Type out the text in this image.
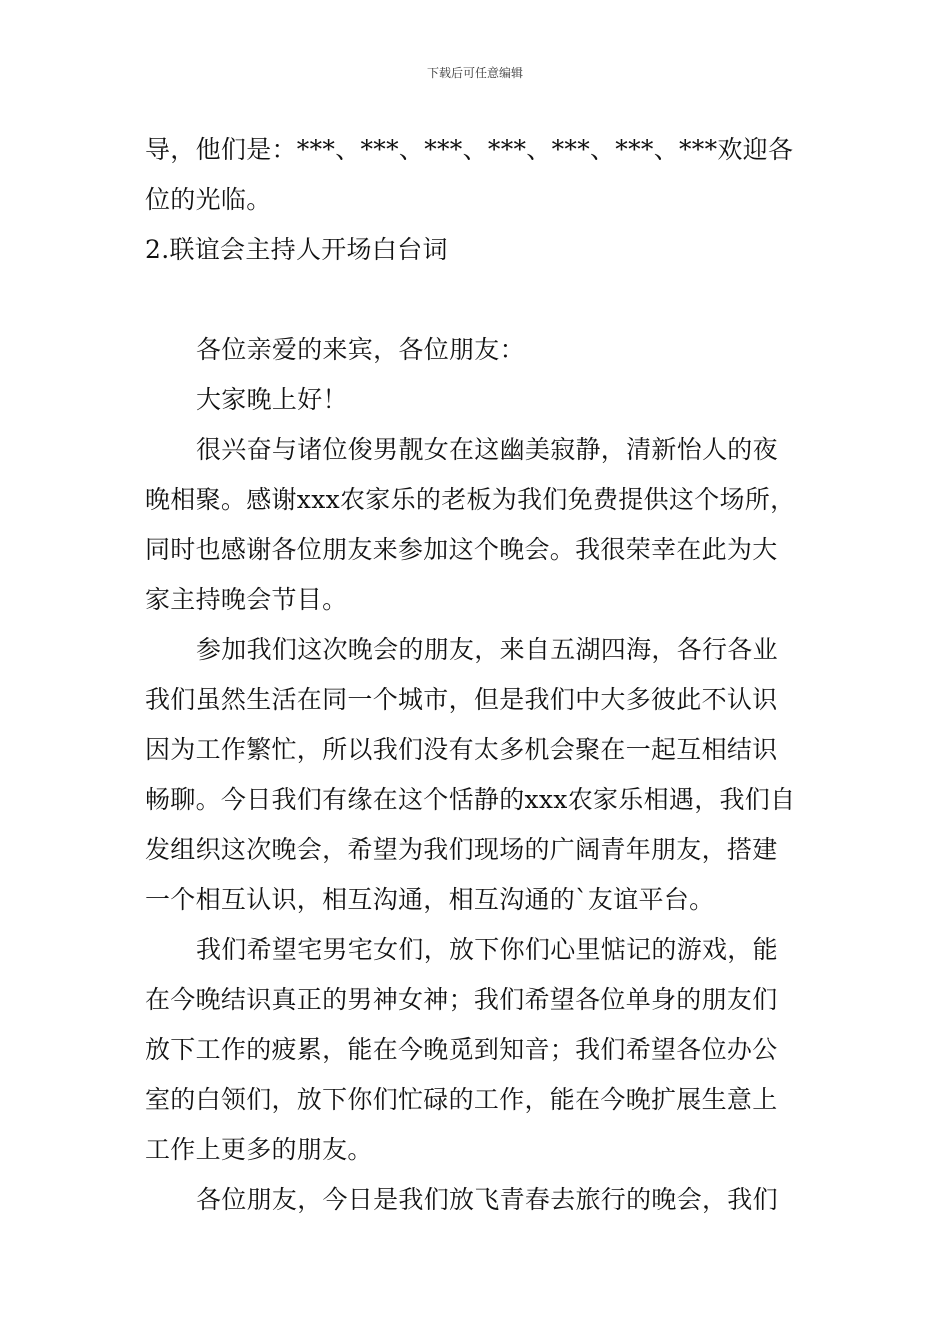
下载后可任意编辑
导，他们是：***、***、***、***、***、***、***欢迎各
位的光临。
2.联谊会主持人开场白台词
各位亲爱的来宾，各位朋友：
大家晚上好！
很兴奋与诸位俊男靓女在这幽美寂静，清新怡人的夜
晚相聚。感谢xxx农家乐的老板为我们免费提供这个场所，
同时也感谢各位朋友来参加这个晚会。我很荣幸在此为大
家主持晚会节目。
参加我们这次晚会的朋友，来自五湖四海，各行各业
我们虽然生活在同一个城市，但是我们中大多彼此不认识
因为工作繁忙，所以我们没有太多机会聚在一起互相结识
畅聊。今日我们有缘在这个恬静的xxx农家乐相遇，我们自
发组织这次晚会，希望为我们现场的广阔青年朋友，搭建
一个相互认识，相互沟通，相互沟通的`友谊平台。
我们希望宅男宅女们，放下你们心里惦记的游戏，能
在今晚结识真正的男神女神；我们希望各位单身的朋友们
放下工作的疲累，能在今晚觅到知音；我们希望各位办公
室的白领们，放下你们忙碌的工作，能在今晚扩展生意上
工作上更多的朋友。
各位朋友，今日是我们放飞青春去旅行的晚会，我们
